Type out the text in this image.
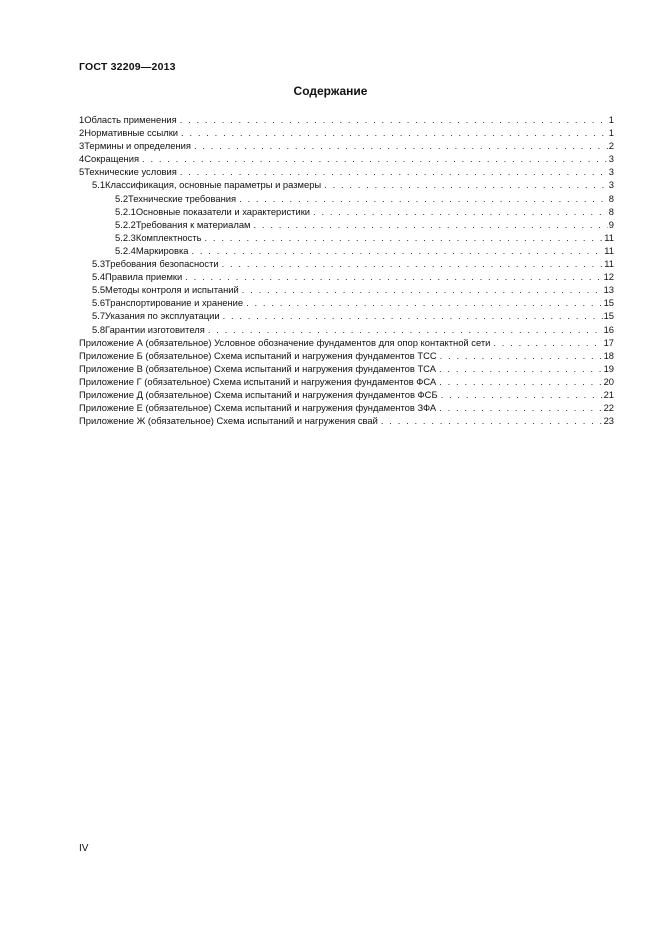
ГОСТ 32209—2013
Содержание
1 Область применения . . .	1
2 Нормативные ссылки . . .	1
3 Термины и определения . . .	2
4 Сокращения . . .	3
5 Технические условия . . .	3
5.1 Классификация, основные параметры и размеры . . .	3
5.2 Технические требования . . .	8
5.2.1 Основные показатели и характеристики . . .	8
5.2.2 Требования к материалам . . .	9
5.2.3 Комплектность . . .	11
5.2.4 Маркировка . . .	11
5.3 Требования безопасности . . .	11
5.4 Правила приемки . . .	12
5.5 Методы контроля и испытаний . . .	13
5.6 Транспортирование и хранение . . .	15
5.7 Указания по эксплуатации . . .	15
5.8 Гарантии изготовителя . . .	16
Приложение А (обязательное) Условное обозначение фундаментов для опор контактной сети . . .	17
Приложение Б (обязательное) Схема испытаний и нагружения фундаментов ТСС . . .	18
Приложение В (обязательное) Схема испытаний и нагружения фундаментов ТСА . . .	19
Приложение Г (обязательное) Схема испытаний и нагружения фундаментов ФСА . . .	20
Приложение Д (обязательное) Схема испытаний и нагружения фундаментов ФСБ . . .	21
Приложение Е (обязательное) Схема испытаний и нагружения фундаментов ЗФА . . .	22
Приложение Ж (обязательное) Схема испытаний и нагружения свай . . .	23
IV
